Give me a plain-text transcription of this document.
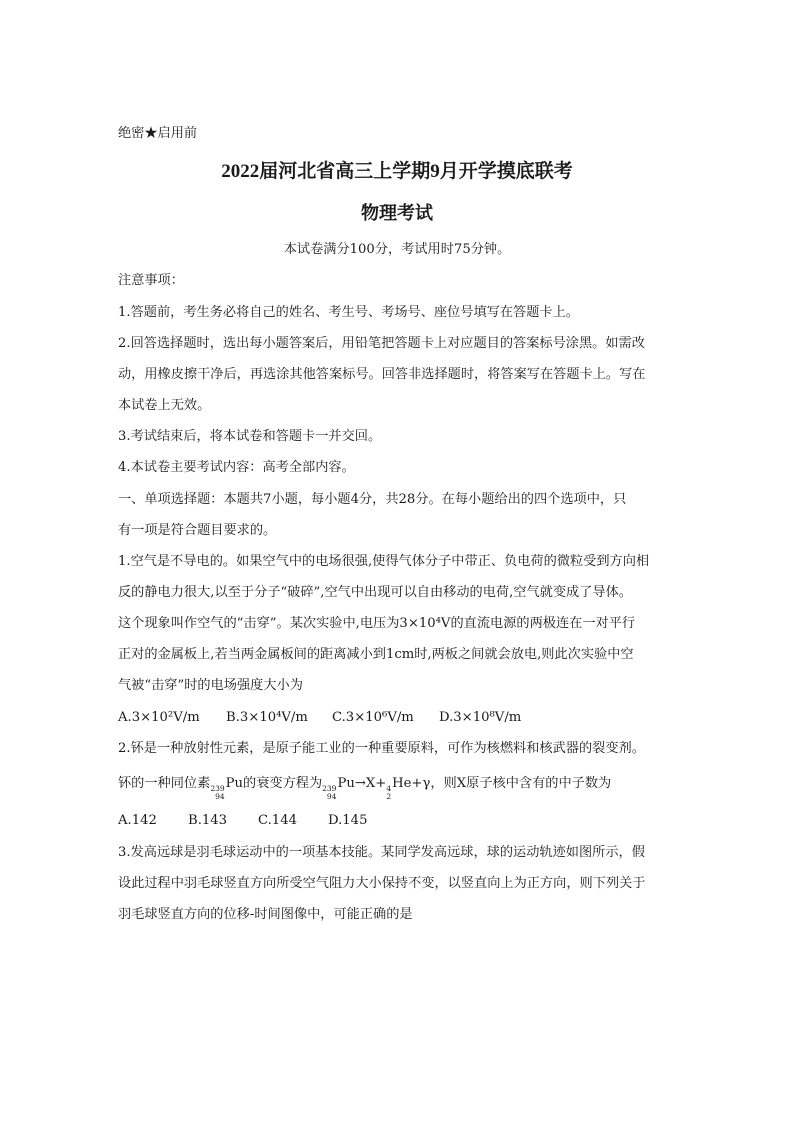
绝密★启用前
2022届河北省高三上学期9月开学摸底联考
物理考试
本试卷满分100分，考试用时75分钟。
注意事项：
1.答题前，考生务必将自己的姓名、考生号、考场号、座位号填写在答题卡上。
2.回答选择题时，选出每小题答案后，用铅笔把答题卡上对应题目的答案标号涂黑。如需改
动，用橡皮擦干净后，再选涂其他答案标号。回答非选择题时，将答案写在答题卡上。写在
本试卷上无效。
3.考试结束后，将本试卷和答题卡一并交回。
4.本试卷主要考试内容：高考全部内容。
一、单项选择题：本题共7小题，每小题4分，共28分。在每小题给出的四个选项中，只
有一项是符合题目要求的。
1.空气是不导电的。如果空气中的电场很强,使得气体分子中带正、负电荷的微粒受到方向相
反的静电力很大,以至于分子“破碎”,空气中出现可以自由移动的电荷,空气就变成了导体。
这个现象叫作空气的“击穿”。某次实验中,电压为3×10⁴V的直流电源的两极连在一对平行
正对的金属板上,若当两金属板间的距离减小到1cm时,两板之间就会放电,则此次实验中空
气被“击穿”时的电场强度大小为
A.3×10²V/m B.3×10⁴V/m C.3×10⁶V/m D.3×10⁸V/m
2.钚是一种放射性元素，是原子能工业的一种重要原料，可作为核燃料和核武器的裂变剂。
钚的一种同位素 239
94
Pu的衰变方程为 239
94
Pu→X+ 4
2
He+γ，则X原子核中含有的中子数为
A.142 B.143 C.144 D.145
3.发高远球是羽毛球运动中的一项基本技能。某同学发高远球，球的运动轨迹如图所示，假
设此过程中羽毛球竖直方向所受空气阻力大小保持不变，以竖直向上为正方向，则下列关于
羽毛球竖直方向的位移-时间图像中，可能正确的是
